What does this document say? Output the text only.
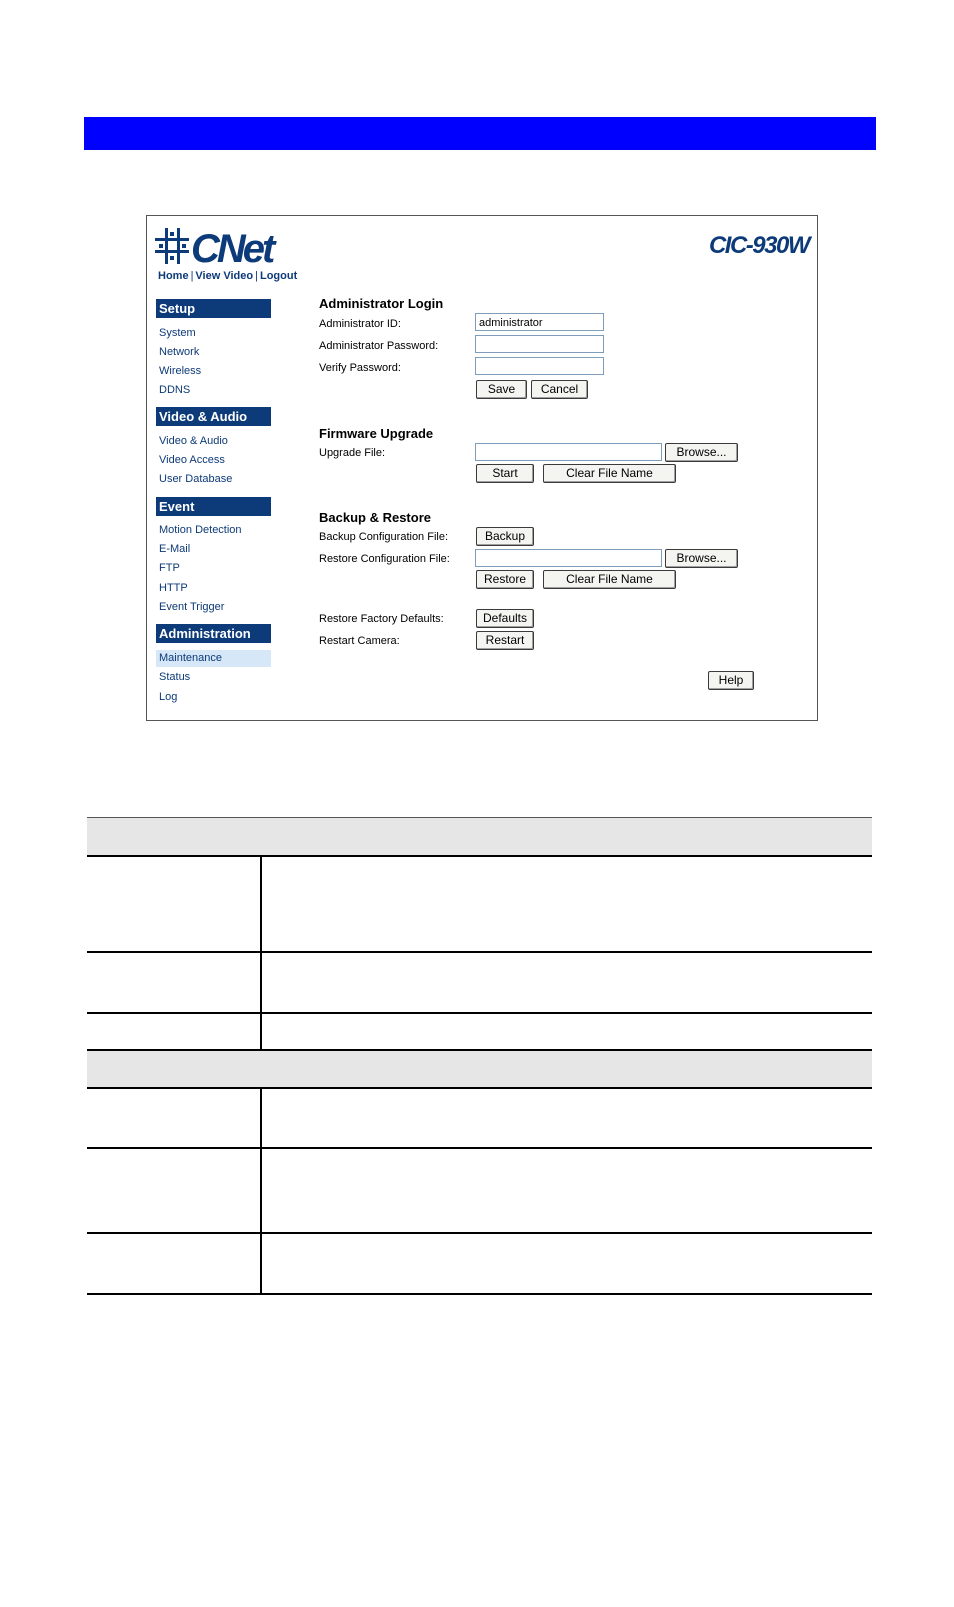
CNet	CIC-930W
Home | View Video | Logout
Setup
System
Network
Wireless
DDNS
Video & Audio
Video & Audio
Video Access
User Database
Event
Motion Detection
E-Mail
FTP
HTTP
Event Trigger
Administration
Maintenance
Status
Log
Administrator Login
Administrator ID:	administrator
Administrator Password:
Verify Password:
Save	Cancel
Firmware Upgrade
Upgrade File:	Browse...
Start	Clear File Name
Backup & Restore
Backup Configuration File:	Backup
Restore Configuration File:	Browse...
Restore	Clear File Name
Restore Factory Defaults:	Defaults
Restart Camera:	Restart
Help
